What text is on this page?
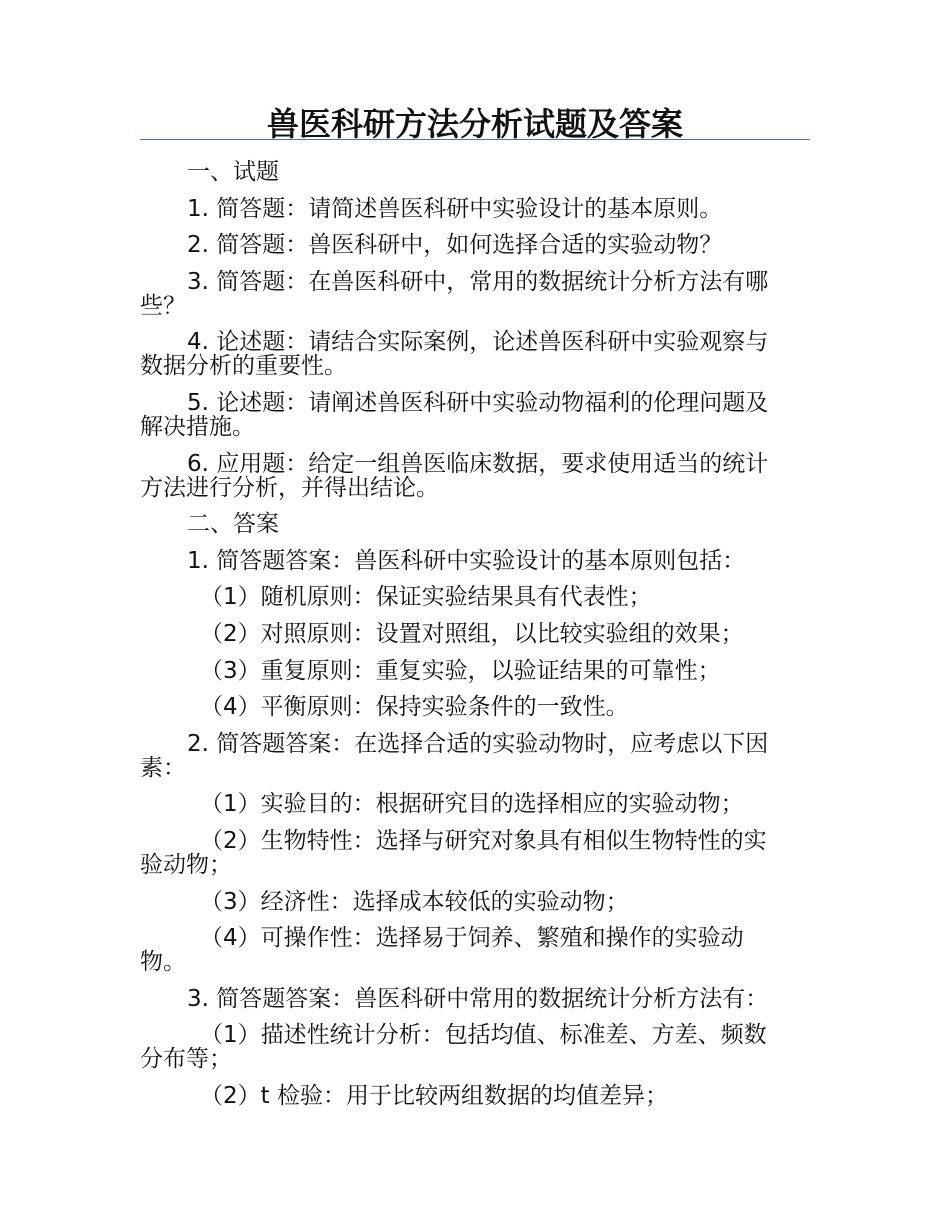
兽医科研方法分析试题及答案
一、试题
1. 简答题：请简述兽医科研中实验设计的基本原则。
2. 简答题：兽医科研中，如何选择合适的实验动物？
3. 简答题：在兽医科研中，常用的数据统计分析方法有哪
些？
4. 论述题：请结合实际案例，论述兽医科研中实验观察与
数据分析的重要性。
5. 论述题：请阐述兽医科研中实验动物福利的伦理问题及
解决措施。
6. 应用题：给定一组兽医临床数据，要求使用适当的统计
方法进行分析，并得出结论。
二、答案
1. 简答题答案：兽医科研中实验设计的基本原则包括：
（1）随机原则：保证实验结果具有代表性；
（2）对照原则：设置对照组，以比较实验组的效果；
（3）重复原则：重复实验，以验证结果的可靠性；
（4）平衡原则：保持实验条件的一致性。
2. 简答题答案：在选择合适的实验动物时，应考虑以下因
素：
（1）实验目的：根据研究目的选择相应的实验动物；
（2）生物特性：选择与研究对象具有相似生物特性的实
验动物；
（3）经济性：选择成本较低的实验动物；
（4）可操作性：选择易于饲养、繁殖和操作的实验动
物。
3. 简答题答案：兽医科研中常用的数据统计分析方法有：
（1）描述性统计分析：包括均值、标准差、方差、频数
分布等；
（2）t 检验：用于比较两组数据的均值差异；
